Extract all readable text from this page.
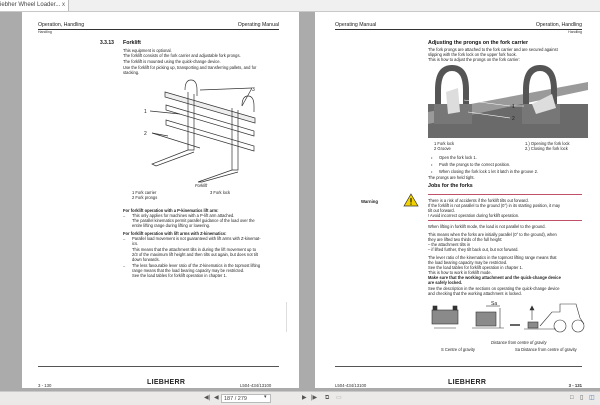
iebher Wheel Loader... x
Operation, Handling	Operating Manual
Handling
3.3.13 Forklift
This equipment is optional.
The forklift consists of the fork carrier and adjustable fork prongs.
The forklift is mounted using the quick-change device.
Use the forklift for picking up, transporting and transferring pallets, and for
stacking.
1
2
3
Forklift
1 Fork carrier
2 Fork prongs
3 Fork lock
For forklift operation with a P-kinematics lift arm:
– This only applies for machines with a P-lift arm attached.
The parallel kinematics permit parallel guidance of the load over the
entire lifting range during lifting or lowering.
For forklift operation with lift arms with Z-kinematics:
– Parallel load movement is not guaranteed with lift arms with Z-kinemat-
ics.
This means that the attachment tilts in during the lift movement up to
2/3 of the maximum lift height and then tilts out again, but does not tilt
down forwards.
– The less favourable lever ratio of the Z-kinematics in the topmost lifting
range means that the load bearing capacity may be restricted.
See the load tables for forklift operation in chapter 1.
3 - 130	LIEBHERR	L504-434/13100
Operating Manual	Operation, Handling
Handling
Adjusting the prongs on the fork carrier
The fork prongs are attached to the fork carrier and are secured against
slipping with the fork lock on the upper fork hook.
This is how to adjust the prongs on the fork carrier:
1.)
2.)
1
2
1 Fork lock
2 Groove
1.) Opening the fork lock
2.) Closing the fork lock
• Open the fork lock 1.
• Push the prongs to the correct position.
• When closing the fork lock 1 let it latch in the groove 2.
The prongs are held tight.
Jobs for the forks
Warning	There is a risk of accidents if the forklift tilts out forward.
If the forklift is not parallel to the ground (0°) in its starting position, it may
tilt out forward.
! Avoid incorrect operation during forklift operation.
When lifting in forklift mode, the load is not parallel to the ground.
This means when the forks are initially parallel (0° to the ground), when
they are lifted two thirds of the full height:
– the attachment tilts in
– if lifted further, they tilt back out, but not forward.
The lever ratio of the kinematics in the topmost lifting range means that
the load bearing capacity may be restricted.
See the load tables for forklift operation in chapter 1.
This is how to work in forklift mode.
Make sure that the working attachment and the quick-change device
are safely locked.
See the description in the sections on operating the quick-change device
and checking that the working attachment is locked.
Sa
Distance from centre of gravity
S Centre of gravity	Sa Distance from centre of gravity
L504-434/13100	LIEBHERR	3 - 131
◀| ◀ 187 / 279	▾	▶ |▶ ⧉ ▭	□ ▯ ◫
